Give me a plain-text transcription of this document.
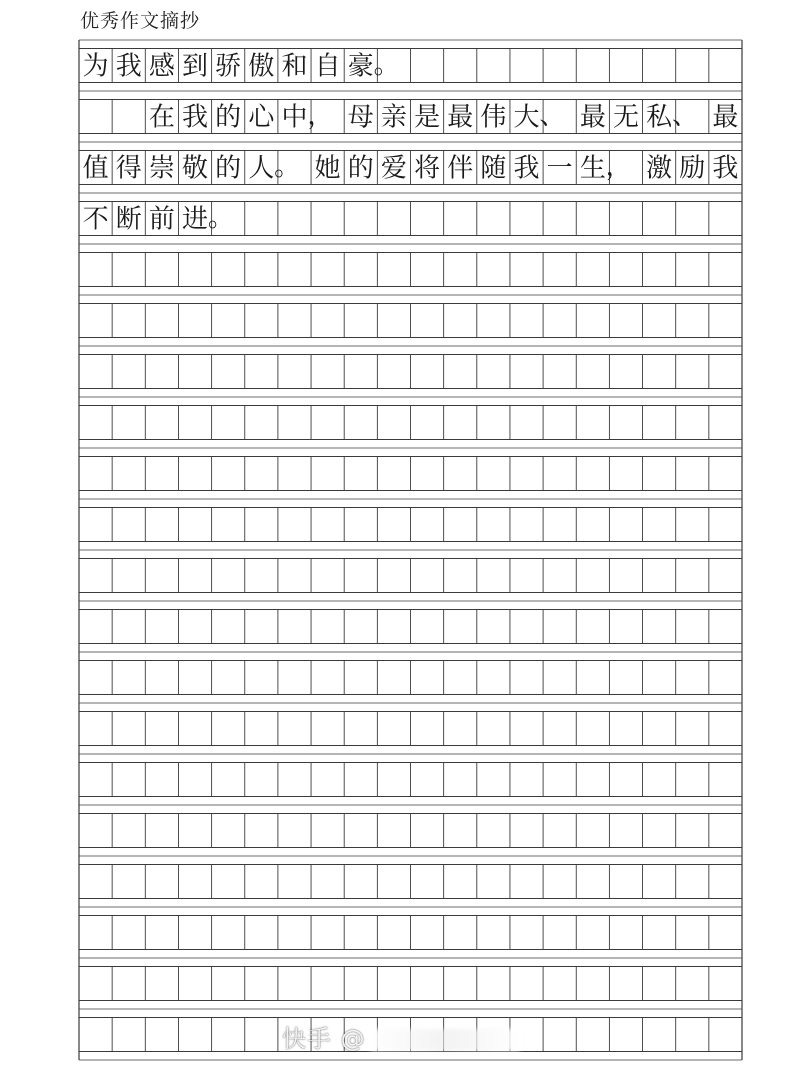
优秀作文摘抄
为 我 感 到 骄 傲 和 自 豪 。
在 我 的 心 中 ， 母 亲 是 最 伟 大 、 最 无 私 、 最
值 得 崇 敬 的 人 。 她 的 爱 将 伴 随 我 一 生 ， 激 励 我
不 断 前 进 。
快手 @
